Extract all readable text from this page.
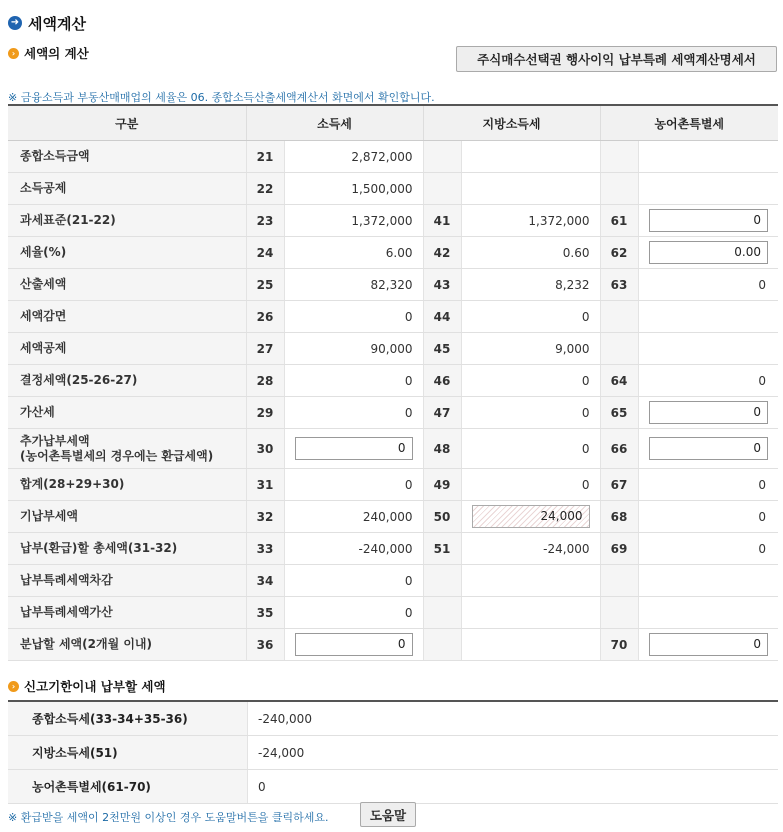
➜ 세액계산
› 세액의 계산	주식매수선택권 행사이익 납부특례 세액계산명세서
※ 금융소득과 부동산매매업의 세율은 06. 종합소득산출세액계산서 화면에서 확인합니다.
구분	소득세		지방소득세		농어촌특별세	

종합소득금액	21	2,872,000				

소득공제	22	1,500,000				

과세표준(21-22)	23	1,372,000	41	1,372,000	61	0

세율(%)	24	6.00	42	0.60	62	0.00

산출세액	25	82,320	43	8,232	63	0

세액감면	26	0	44	0		

세액공제	27	90,000	45	9,000		

결정세액(25-26-27)	28	0	46	0	64	0

가산세	29	0	47	0	65	0

추가납부세액
(농어촌특별세의 경우에는 환급세액)	30	0	48	0	66	0

합계(28+29+30)	31	0	49	0	67	0

기납부세액	32	240,000	50	24,000	68	0

납부(환급)할 총세액(31-32)	33	-240,000	51	-24,000	69	0

납부특례세액차감	34	0				

납부특례세액가산	35	0				

분납할 세액(2개월 이내)	36	0			70	0
› 신고기한이내 납부할 세액
종합소득세(33-34+35-36)	-240,000
지방소득세(51)	-24,000
농어촌특별세(61-70)	0
※ 환급받을 세액이 2천만원 이상인 경우 도움말버튼을 클릭하세요.	도움말
